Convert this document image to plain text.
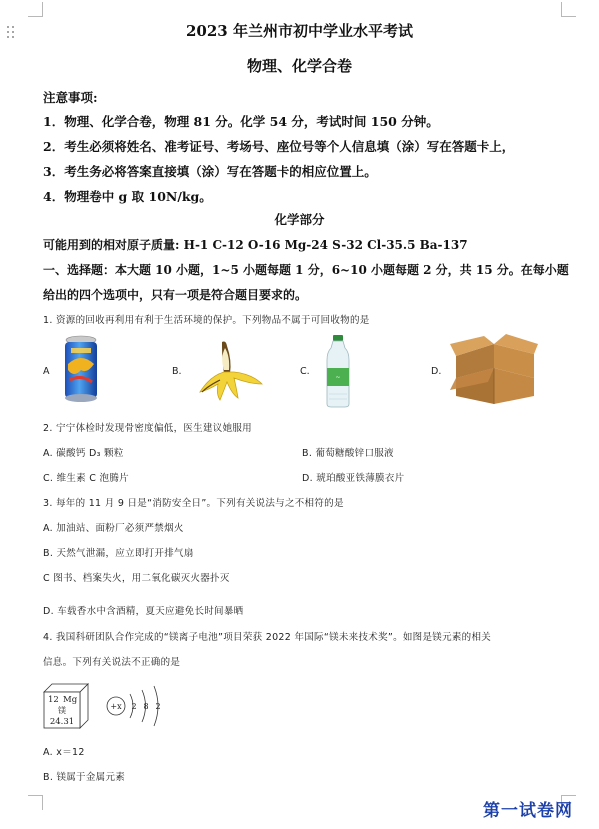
2023 年兰州市初中学业水平考试
物理、化学合卷
注意事项:
1．物理、化学合卷，物理 81 分。化学 54 分，考试时间 150 分钟。
2．考生必须将姓名、准考证号、考场号、座位号等个人信息填（涂）写在答题卡上，
3．考生务必将答案直接填（涂）写在答题卡的相应位置上。
4．物理卷中 g 取 10N/kg。
化学部分
可能用到的相对原子质量: H-1 C-12 O-16 Mg-24 S-32 Cl-35.5 Ba-137
一、选择题：本大题 10 小题，1~5 小题每题 1 分，6~10 小题每题 2 分，共 15 分。在每小题
给出的四个选项中，只有一项是符合题目要求的。
1. 资源的回收再利用有利于生活环境的保护。下列物品不属于可回收物的是
A	B.	C.
~
D.
2. 宁宁体检时发现骨密度偏低，医生建议她服用
A. 碳酸钙 D₃ 颗粒	B. 葡萄糖酸锌口服液
C. 维生素 C 泡腾片	D. 琥珀酸亚铁薄膜衣片
3. 每年的 11 月 9 日是“消防安全日”。下列有关说法与之不相符的是
A. 加油站、面粉厂必须严禁烟火
B. 天然气泄漏，应立即打开排气扇
C 图书、档案失火，用二氧化碳灭火器扑灭
D. 车载香水中含酒精，夏天应避免长时间暴晒
4. 我国科研团队合作完成的“镁离子电池”项目荣获 2022 年国际“镁未来技术奖”。如图是镁元素的相关
信息。下列有关说法不正确的是
12 Mg
镁
24.31
+x 2 8 2
A. x＝12
B. 镁属于金属元素
第一试卷网
